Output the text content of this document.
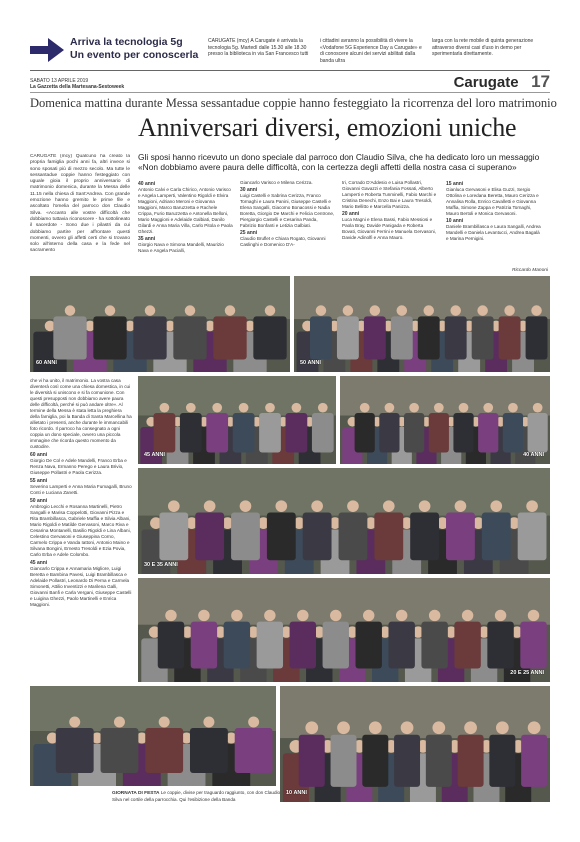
Arriva la tecnologia 5g
Un evento per conoscerla
CARUGATE (mcy) A Carugate è arrivata la tecnologia 5g. Martedì dalle 15.30 alle 18.30 presso la biblioteca in via San Francesco tutti
i cittadini avranno la possibilità di vivere la «Vodafone 5G Experience Day a Carugate» e di conoscere alcuni dei servizi abilitati dalla banda ultra
larga con la rete mobile di quinta generazione attraverso diversi casi d'uso in demo per sperimentarla direttamente.
SABATO 13 APRILE 2019
La Gazzetta della Martesana-Sestoweek	Carugate 17
Domenica mattina durante Messa sessantadue coppie hanno festeggiato la ricorrenza del loro matrimonio
Anniversari diversi, emozioni uniche
CARUGATE (mcy) Qualcuno ha creato la propria famiglia pochi anni fa, altri invece si sono sposati più di mezzo secolo. Ma tutte le sessantadue coppie hanno festeggiato con uguale gioia il proprio anniversario di matrimonio domenica, durante la Messa delle 11.15 nella chiesa di Sant'Andrea. Con grande emozione hanno gremito le prime file e ascoltato l'omelia del parroco don Claudio Silva. «Accanto alle vostre difficoltà che dobbiamo tuttavia riconoscere - ha sottolineato il sacerdote - Sono due i pilastri da cui dobbiamo partire per affrontare questi momenti, ovvero gli affetti certi che si trovano solo all'interno della casa e la fede nel sacramento
Gli sposi hanno ricevuto un dono speciale dal parroco don Claudio Silva, che ha dedicato loro un messaggio «Non dobbiamo avere paura delle difficoltà, con la certezza degli affetti della nostra casa ci superano»
40 anni
Antonio Calvi e Carla Chirico, Antonio Varisco e Angela Lamperti, Valentino Rigoldi e Elvira Maggioni, Adriano Meroni e Giovanna Maggioni, Marco Baruzzetta e Rachele Crippa, Furio Baruzzetta e Antonella Belloni, Mario Maggioni e Adelaide Galbiati, Danilo Gilardi e Anna Maria Villa, Carlo Pitola e Paola Ghezzi.
35 anni
Giorgio Nava e Simona Mandelli, Maurizio Nava e Angela Pacialli,
Giancarlo Varisco e Milena Cerizza.
30 anni
Luigi Castelli e Sabrina Cerizza, Franco Tornaghi e Laura Panini, Giuseppe Castelli e Elena Sangalli, Giacomo Bonacossi e Nadia Boretta, Giorgio De Marchi e Felicia Centrone, Piergiorgio Castelli e Cesarina Panda, Fabrizio Bonfanti e Letizia Galbiati.
25 anni
Claudio Bruflet e Chiara Rogato, Giovanni Caslinghi e Domenico D'A-
tri, Corrado D'Addesio e Luisa Pollastri, Giovanni Gavazzi e Stefania Fossati, Alberto Lamperti e Roberta Tunminelli, Fabio Marchi e Cristina Denechi, Enzo Bai e Laura Tresoldi, Mario Bellitto e Marcella Panizza.
20 anni
Luca Magni e Elena Bassi, Fabio Messiosi e Paola Bray, Davide Panigada e Roberta Bovati, Giovanni Ferrini e Manuela Gervasoni, Davide Adinolfi e Anna Mauro.
15 anni
Gianluca Gervasoni e Elisa Guzzi, Sergio Ottolina e Loredana Beretta, Mauro Cerizza e Annalisa Rolla, Enrico Cavalletti e Giovanna Maffia, Simone Zappa e Patrizia Tornaghi, Mauro Bertoli e Monica Gervasoni.
10 anni
Daniele Brambillasca e Laura Sangalli, Andrea Mandelli e Daniela Levantucci, Andrea Bagalà e Marina Pernigini.
Riccardo Manoni
che vi ha unito, il matrimonio. La vostra casa diventerà così come una chiesa domestica, in cui le diversità si uniscono e si fa comunione. Con questi presupposti non dobbiamo avere paura delle difficoltà, perché si può andare oltre». Al termine della Messa è stata letta la preghiera della famiglia, poi la Banda di Santa Marcellina ha allietato i presenti, anche durante le immancabili foto ricordo. Il parroco ha consegnato a ogni coppia un dono speciale, ovvero una piccola immagine che ricorda questo momento da custodire.
60 anni
Giorgio De Col e Adele Mandelli, Franco Erba e Renza Nava, Ermanno Perego e Laura Brivio, Giuseppe Pollastri e Paola Cerizza.
55 anni
Severino Lamperti e Anna Maria Fumagalli, Bruno Conti e Luciana Zanetti.
50 anni
Ambrogio Lecchi e Rosanna Martinelli, Pietro Sangalli e Marisa Coppelotti, Giovanni Pizza e Rita Brambillasca, Gabriele Maffia e Silvia Albani, Mario Rigoldi e Matilde Gervasoni, Marco Riva e Cesarina Montanelli, Basilio Rigoldi e Lina Albani, Celestino Gervasoni e Giuseppina Corno, Carmelo Crippa e Vanda Iattoni, Antonio Maino e Silvana Bongini, Ernesto Tresoldi e Ezia Povia, Carlo Erba e Adele Colombo.
45 anni
Giancarlo Crippa e Annamaria Migliore, Luigi Beretta e Bambina Pavesi, Luigi Brambillasca e Adelaide Pollastri, Leonardo Di Perna e Carmela Simonetti, Attilio Inventizzi e Marilena Galli, Giovanni Banfi e Carla Vergani, Giuseppe Castelli e Luigina Ghezzi, Paolo Martinelli e Enrica Maggioni.
60 ANNI	50 ANNI
45 ANNI	40 ANNI
30 E 35 ANNI
20 E 25 ANNI
10 ANNI
GIORNATA DI FESTA Le coppie, divise per traguardo raggiunto, con don Claudio Silva nel cortile della parrocchia. Qui l'esibizione della Banda
